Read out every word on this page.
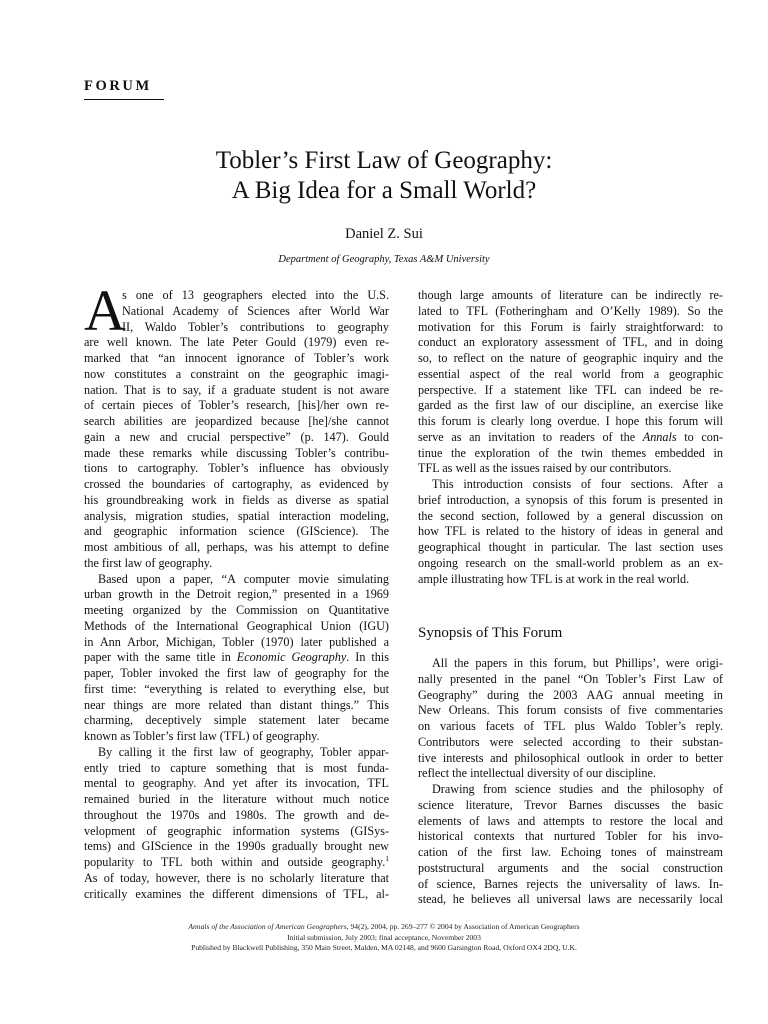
FORUM
Tobler’s First Law of Geography:
A Big Idea for a Small World?
Daniel Z. Sui
Department of Geography, Texas A&M University
A
s one of 13 geographers elected into the U.S.
National Academy of Sciences after World War
II, Waldo Tobler’s contributions to geography
are well known. The late Peter Gould (1979) even re-
marked that “an innocent ignorance of Tobler’s work
now constitutes a constraint on the geographic imagi-
nation. That is to say, if a graduate student is not aware
of certain pieces of Tobler’s research, [his]/her own re-
search abilities are jeopardized because [he]/she cannot
gain a new and crucial perspective” (p. 147). Gould
made these remarks while discussing Tobler’s contribu-
tions to cartography. Tobler’s influence has obviously
crossed the boundaries of cartography, as evidenced by
his groundbreaking work in fields as diverse as spatial
analysis, migration studies, spatial interaction modeling,
and geographic information science (GIScience). The
most ambitious of all, perhaps, was his attempt to define
the first law of geography.
Based upon a paper, “A computer movie simulating
urban growth in the Detroit region,” presented in a 1969
meeting organized by the Commission on Quantitative
Methods of the International Geographical Union (IGU)
in Ann Arbor, Michigan, Tobler (1970) later published a
paper with the same title in Economic Geography. In this
paper, Tobler invoked the first law of geography for the
first time: “everything is related to everything else, but
near things are more related than distant things.” This
charming, deceptively simple statement later became
known as Tobler’s first law (TFL) of geography.
By calling it the first law of geography, Tobler appar-
ently tried to capture something that is most funda-
mental to geography. And yet after its invocation, TFL
remained buried in the literature without much notice
throughout the 1970s and 1980s. The growth and de-
velopment of geographic information systems (GISys-
tems) and GIScience in the 1990s gradually brought new
popularity to TFL both within and outside geography.$^1$
As of today, however, there is no scholarly literature that
critically examines the different dimensions of TFL, al-
though large amounts of literature can be indirectly re-
lated to TFL (Fotheringham and O’Kelly 1989). So the
motivation for this Forum is fairly straightforward: to
conduct an exploratory assessment of TFL, and in doing
so, to reflect on the nature of geographic inquiry and the
essential aspect of the real world from a geographic
perspective. If a statement like TFL can indeed be re-
garded as the first law of our discipline, an exercise like
this forum is clearly long overdue. I hope this forum will
serve as an invitation to readers of the Annals to con-
tinue the exploration of the twin themes embedded in
TFL as well as the issues raised by our contributors.
This introduction consists of four sections. After a
brief introduction, a synopsis of this forum is presented in
the second section, followed by a general discussion on
how TFL is related to the history of ideas in general and
geographical thought in particular. The last section uses
ongoing research on the small-world problem as an ex-
ample illustrating how TFL is at work in the real world.
Synopsis of This Forum
All the papers in this forum, but Phillips’, were origi-
nally presented in the panel “On Tobler’s First Law of
Geography” during the 2003 AAG annual meeting in
New Orleans. This forum consists of five commentaries
on various facets of TFL plus Waldo Tobler’s reply.
Contributors were selected according to their substan-
tive interests and philosophical outlook in order to better
reflect the intellectual diversity of our discipline.
Drawing from science studies and the philosophy of
science literature, Trevor Barnes discusses the basic
elements of laws and attempts to restore the local and
historical contexts that nurtured Tobler for his invo-
cation of the first law. Echoing tones of mainstream
poststructural arguments and the social construction
of science, Barnes rejects the universality of laws. In-
stead, he believes all universal laws are necessarily local
Annals of the Association of American Geographers, 94(2), 2004, pp. 269–277 © 2004 by Association of American Geographers
Initial submission, July 2003; final acceptance, November 2003
Published by Blackwell Publishing, 350 Main Street, Malden, MA 02148, and 9600 Garsington Road, Oxford OX4 2DQ, U.K.
